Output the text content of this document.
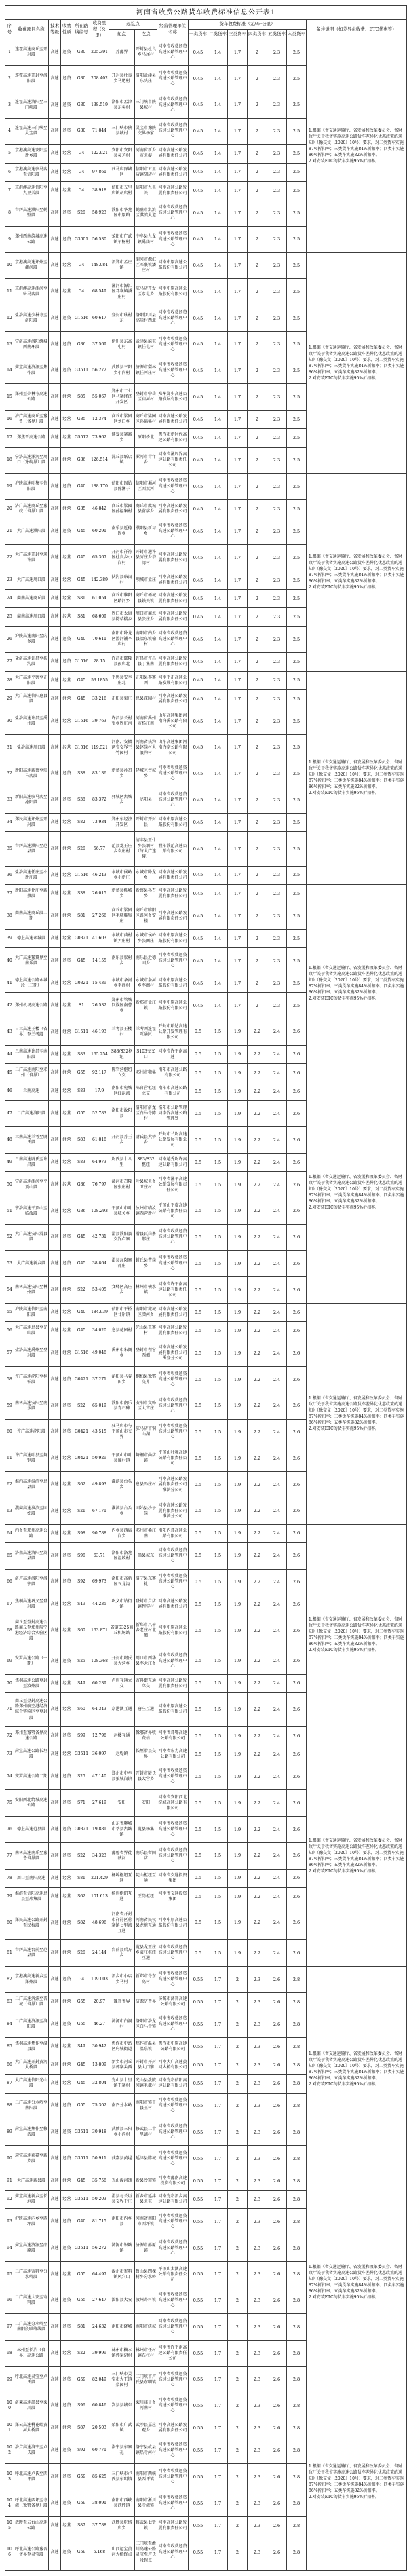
河南省收费公路货车收费标准信息公开表1															
序号	收费项目名称	技术等级	收费性质	所在路线编号	收费里程（公里）	起讫点		经营管理单位名称	货车收费标准（元/车·公里）						备注说明（如差异化收费、ETC优惠等）
						起点	讫点		一类货车	二类货车	三类货车	四类货车	五类货车	六类货车	
1	连霍高速商丘至开封段	高速	还贷	G30	205.391	苏豫界	开封县杜良乡马尾村	河南省收费还贷高速公路管理中心	0.45	1.4	1.7	2	2.3	2.5	1.根据《省交通运输厅、省发展和改革委员会、省财政厅关于我省实施高速公路货车差异化优惠政策的通知》（豫交文〔2020〕10号）要求，对二类货车实施87%折扣率；三类货车实施84%折扣率；四类车实施86%折扣率；五类车实施82%折扣率。
2.对安装ETC的货车实施95%折扣率。

2	连霍高速开封至洛阳段	高速	还贷	G30	208.402	开封县杜良乡马尾村	洛阳孟津县东头庄	河南省收费还贷高速公路管理中心	0.45	1.4	1.7	2	2.3	2.5	
3	连霍高速洛阳至三门峡段	高速	还贷	G30	138.519	洛阳市孟津县东头村	三门峡市陕县城村	河南省收费还贷高速公路管理中心	0.45	1.4	1.7	2	2.3	2.5	
4	连霍高速三门峡至灵宝段	高速	还贷	G30	71.844	三门峡市陕县城村	灵宝市豫陕交界杨家	河南省收费还贷高速公路管理中心	0.45	1.4	1.7	2	2.3	2.5	
5	京港澳高速安阳至新乡段	高速	经营	G4	122.921	安阳市安阳县灵芝村	河南省新乡市关堤	河南高速公路发展有限责任公司	0.45	1.4	1.7	2	2.3	2.5	
6	京港澳高速驻马店至信阳段	高速	经营	G4	97.861	驻马店驿城区	信阳市五里店镇胡店村	河南高速公路发展有限责任公司	0.45	1.4	1.7	2	2.3	2.5	
7	京港澳高速信阳至九里关段	高速	经营	G4	38.918	信阳市五里店镇胡店村	信阳市九里关	河南高速公路发展有限责任公司	0.45	1.4	1.7	2	2.3	2.5	
8	台辉高速濮阳至鹤壁段	高速	还贷	S26	58.923	濮阳市华龙区中原路	鹤壁市淇滨区淇滨大道	河南省收费还贷高速公路管理中心	0.45	1.4	1.7	2	2.3	2.5	
9	郑州西南绕城高速公路	高速	还贷	G3001	56.530	荥阳市广武镇军杨村	中牟县九龙镇禹庙村	河南省收费还贷高速公路管理中心	0.45	1.4	1.7	2	2.3	2.5	
10	京港澳高速郑州至漯河段	高速	经营	G4	148.084	新郑市孟庄镇	漯河市源汇区邓襄镇潘庄村	河南中原高速公路股份有限公司	0.45	1.4	1.7	2	2.3	2.5	1.根据《省交通运输厅、省发展和改革委员会、省财政厅关于我省实施高速公路货车差异化优惠政策的通知》（豫交文〔2020〕10号）要求，对二类货车实施87%折扣率；三类货车实施84%折扣率；四类车实施86%折扣率；五类车实施82%折扣率。
2.对安装ETC的货车实施95%折扣率。

11	京港澳高速漯河至驻马店段	高速	经营	G4	68.549	漯河市源汇区邓襄镇潘庄村	驻马店开发区水屯乡	河南中原高速公路股份有限公司	0.45	1.4	1.7	2	2.3	2.5	
12	盐洛高速少林寺至洛阳段	高速	还贷	G1516	60.617	登封市耿村东	洛阳伊川县高崖村西北	河南省收费还贷高速公路管理中心	0.45	1.4	1.7	2	2.3	2.5	
13	宁洛高速洛阳绕城西南环段	高速	还贷	G36	37.569	伊川县东高屯村	孟津县麻屯镇任屯村	河南省收费还贷高速公路管理中心	0.45	1.4	1.7	2	2.3	2.5	
14	菏宝高速济源至焦作段	高速	还贷	G3511	56.272	武陟县三阳乡小尚村	济源市梨林镇任河庄村	河南省收费还贷高速公路管理中心	0.45	1.4	1.7	2	2.3	2.5	
15	郑州至少林寺高速公路	高速	经营	S85	55.067	郑州市二七区马寨经济开发区	登封市中岳区庙河村	郑州郑少高速公路发展有限公司	0.45	1.4	1.7	2	2.3	2.5	
16	济广高速商丘至豫鲁（省界）段	高速	经营	G35	12.374	商丘市梁园区刘口乡	商丘市梁园区孙福集村	河南高速公路发展有限责任公司	0.45	1.4	1.7	2	2.3	2.5	
17	郑焦晋高速公路	高速	经营	G5512	73.962	博爱县寨豁乡	原阳桥北	焦作市新时代高速公路有限公司	0.45	1.4	1.7	2	2.3	2.5	
18	宁洛高速漯河至周口（豫皖界）段	高速	经营	G36	126.514	沈丘县纸店镇	漯河市青年乡	河南省漯周界高速公路有限责任公司	0.45	1.4	1.7	2	2.3	2.5	
19	沪陕高速叶集至信阳段	高速	还贷	G40	188.170	信阳市固始县陈淋子	信阳市浉河区西双河	河南省收费还贷高速公路管理中心	0.45	1.4	1.7	2	2.3	2.5	1.根据《省交通运输厅、省发展和改革委员会、省财政厅关于我省实施高速公路货车差异化优惠政策的通知》（豫交文〔2020〕10号）要求，对二类货车实施87%折扣率；三类货车实施84%折扣率；四类车实施86%折扣率；五类车实施82%折扣率。
2.对安装ETC的货车实施95%折扣率。

20	济广高速商丘至豫皖（省界）段	高速	经营	G35	46.842	商丘市梁园区孙福集村	商丘市虞城县营廓乡	河南高速公路发展有限责任公司	0.45	1.4	1.7	2	2.3	2.5	
21	大广高速濮阳段	高速	还贷	G45	60.291	南乐县近德固乡	濮阳县新习乡	河南省收费还贷高速公路管理中心	0.45	1.4	1.7	2	2.3	2.5	
22	大广高速开封至通许段	高速	经营	G45	65.367	开封市祥符区杜良乡小岗村	开封市通许县厉庄乡塔湾村	河南高速公路发展有限责任公司	0.45	1.4	1.7	2	2.3	2.5	
23	大广高速周口段	高速	经营	G45	142.389	扶沟县柴岗村	项城市孟庄	河南高速公路发展有限责任公司	0.45	1.4	1.7	2	2.3	2.5	
24	商南高速商丘段	高速	经营	S81	61.054	商丘市睢阳区路河乡	商丘市柘城县铁关镇	河南高速公路发展有限责任公司	0.45	1.4	1.7	2	2.3	2.5	
25	商南高速周口段	高速	经营	S81	68.609	周口市太康县符草楼乡	周口市商水县张庄乡	河南高速公路发展有限责任公司	0.45	1.4	1.7	2	2.3	2.5	
26	沪陕高速南阳至内乡段	高速	还贷	G40	70.611	南阳市卧龙区潦河铺辛店村	南阳市内乡县湍东镇榆村	河南省收费还贷高速公路管理中心	0.45	1.4	1.7	2	2.3	2.5	
27	盐洛高速许昌至扶沟段	高速	还贷	G1516	28.15	许昌市鄢陵县彭店北	许昌市许昌县丁集南	河南高速公路发展有限责任公司	0.45	1.4	1.7	2	2.3	2.5	
28	大广高速平舆至正阳段	高速	经营	G45	53.1855	平舆县安李庄北	正阳县李寨西	河南平正高速公路发展有限公司	0.45	1.4	1.7	2	2.3	2.5	1.根据《省交通运输厅、省发展和改革委员会、省财政厅关于我省实施高速公路货车差异化优惠政策的通知》（豫交文〔2020〕10号）要求，对二类货车实施87%折扣率；三类货车实施84%折扣率；四类车实施86%折扣率；五类车实施82%折扣率。
2.对安装ETC的货车实施95%折扣率。

29	大广高速信阳息县段	高速	经营	G45	33.216	正阳县梁庄	息县花园村	河南高速公路发展有限责任公司	0.45	1.4	1.7	2	2.3	2.5	
30	盐洛高速许昌至禹州段	高速	经营	G1516	39.763	许昌县长村张乡周庄南	河南省禹州市杨庄南	山东高速集团河南许禹公路有限公司	0.45	1.4	1.7	2	2.3	2.5	
31	盐洛高速周口段	高速	经营	G1516	119.521	河南、安徽两省交界王竹园村	河南省扶沟县赵岗村大浪沟村	山东高速集团河南许亳公路有限公司	0.45	1.4	1.7	2	2.3	2.5	
32	新阳高速新蔡至驻马店段	高速	还贷	S38	83.136	新蔡县孙召乡	驿城区古城乡	河南省收费还贷高速公路管理中心	0.45	1.4	1.7	2	2.3	2.5	
33	新阳高速驻马店至泌阳段	高速	还贷	S38	83.372	驿城区古城乡	泌阳县	河南省收费还贷高速公路管理中心	0.45	1.4	1.7	2	2.3	2.5	
34	郑民高速郑州至开封段	高速	经营	S82	73.934	郑州东经济开发区	开封市开封县	河南中原高速公路股份有限公司	0.45	1.4	1.7	2	2.3	2.5	
35	台辉高速濮阳至范县段	高速	经营	S26	56.77	范县龙王庄乡袁庄村	清丰县王什乡张堌村（与大广连接）	濮阳濮范高速公路有限公司	0.45	1.4	1.7	2	2.3	2.5	
36	盐洛高速任庄至小新庄段	高速	经营	G1516	46.243	永城市侯岭乡小新庄	永城市卧龙乡	河南高速公路发展有限责任公司	0.45	1.4	1.7	2	2.3	2.5	
37	新阳高速化庄至新蔡段	高速	经营	S38	26.015	新蔡县栎城乡	新蔡县孙召乡	河南高速公路发展有限责任公司	0.45	1.4	1.7	2	2.3	2.5	1.根据《省交通运输厅、省发展和改革委员会、省财政厅关于我省实施高速公路货车差异化优惠政策的通知》（豫交文〔2020〕10号）要求，对二类货车实施87%折扣率；三类货车实施84%折扣率；四类车实施86%折扣率；五类车实施82%折扣率。
2.对安装ETC的货车实施95%折扣率。

38	商南高速商丘段二期	高速	经营	S81	27.266	商丘市梁园区毛堌堆集庄	商丘市睢阳区路河乡安楼	河南高速公路发展有限责任公司	0.45	1.4	1.7	2	2.3	2.5	
39	德上高速永城段	高速	经营	G0321	41.603	永城市茴村镇尹庄村	永城市侯岭乡张阁庄	河南中原高速公路股份有限公司	0.45	1.4	1.7	2	2.3	2.5	
40	大广高速豫冀界至南乐段	高速	还贷	G45	14.155	南乐县梁村乡	南乐县近德固乡	河南省收费还贷高速公路管理中心	0.45	1.4	1.7	2	2.3	2.5	
41	德上高速公路永城段（二期）	高速	经营	G0321	15.439	永城市条河乡李阁村	永城市条河乡李阁村	河南中原高速公路股份有限公司	0.45	1.4	1.7	2	2.3	2.5	
42	郑州机场高速公路	高速	经营	S1	26.532	郑州市管城回族区南曹乡	新郑市孟庄镇	河南中原高速公路股份有限公司	0.45	1.4	1.7	2	2.3	2.5	
43	日兰高速王楼（省界）至兰考段	高速	经营	G1511	46.193	兰考县王楼村	兰考西连霍互通区	开封市路达高速公路开发管理有限公司	0.5	1.5	1.9	2.2	2.4	2.6	
44	兰南高速许昌至南阳段	高速	经营	S83	165.254	S83/S32枢纽	S103交叉口	河南省许平南高速	0.5	1.5	1.9	2.2	2.4	2.6	
45	二广高速南阳至邓州（省界）	高速	经营	G55	92.117	陈官营枢纽立交	邓州市魏集	南阳市高速公路有限公司	0.5	1.5	1.9	2.2	2.4	2.6	
46	兰南高速	高速	经营	S83	17.9	南阳市宛城区红泥湾	陈官营枢纽立交	南阳市高速公路有限公司	0.5	1.5	1.9	2.2	2.4	2.6	1.根据《省交通运输厅、省发展和改革委员会、省财政厅关于我省实施高速公路货车差异化优惠政策的通知》（豫交文〔2020〕10号）要求，对二类货车实施87%折扣率；三类货车实施84%折扣率；四类车实施86%折扣率；五类车实施82%折扣率。
2.对安装ETC的货车实施95%折扣率。

47	二广高速洛阳段	高速	经营	G55	52.783	洛阳市汝阳县	洛阳市洛龙区白马寺陈村	洛阳市公路管理局洛界高速公路管理处	0.5	1.5	1.9	2.2	2.4	2.6	
48	兰南高速兰考至尉氏段	高速	经营	S83	61.818	开封县苏王乡	尉氏县大桥乡	开封市兰尉高速公路发展有限公司	0.5	1.5	1.9	2.2	2.4	2.6	
49	兰南高速尉氏至许昌段	高速	经营	S83	64.973	尉氏县十八里	S83/S32枢纽	河南越秀尉许高速公路有限公司	0.5	1.5	1.9	2.2	2.4	2.6	
50	宁洛高速漯河至平顶山段	高速	经营	G36	76.797	漯河市召陵区张庄村	叶县城关乡卫庄村	河南省漯平高速公路发展有限责任公司	0.5	1.5	1.9	2.2	2.4	2.6	
51	宁洛高速平顶山至临汝段	高速	经营	G36	108.293	平顶山市叶县城关乡	汝州市临汝镇西营新村	平顶山平临高速公路有限责任公司	0.5	1.5	1.9	2.2	2.4	2.6	
52	大广高速安阳滑县段	高速	还贷	G45	42.731	滑县濮阳县交界卢寨	滑县瓦岗寨郝庄	河南省收费还贷高速公路管理中心	0.5	1.5	1.9	2.2	2.4	2.6	
53	大广高速新乡段	高速	还贷	G45	38.864	滑县瓦岗寨郝庄	封丘县曹岗乡	河南省收费还贷高速公路管理中心	0.5	1.5	1.9	2.2	2.4	2.6	
54	南林高速安阳至林州段	高速	经营	S22	53.405	文峰区高庄乡	林州市横水镇	河南省许平南高速公路有限责任公司	0.5	1.5	1.9	2.2	2.4	2.6	
55	沪陕高速信阳至南阳段	高速	经营	G40	184.939	信阳市平桥区甘岸镇	南阳市宛城区溧河乡	河南高速公路发展有限责任公司	0.5	1.5	1.9	2.2	2.4	2.6	1.根据《省交通运输厅、省发展和改革委员会、省财政厅关于我省实施高速公路货车差异化优惠政策的通知》（豫交文〔2020〕10号）要求，对二类货车实施87%折扣率；三类货车实施84%折扣率；四类车实施86%折扣率；五类车实施82%折扣率。
2.对安装ETC的货车实施95%折扣率。

56	大广高速息县至光山段	高速	经营	G45	34.020	息县花园村	光山县王寨村	河南高速公路发展有限责任公司	0.5	1.5	1.9	2.2	2.4	2.6	
57	盐洛高速禹州至登封段	高速	经营	G1516	49.048	禹州市朱阁乡	登封市程窑西侧	河南高速公路发展有限责任公司禹登分公司	0.5	1.5	1.9	2.2	2.4	2.6	
58	许广高速泌阳至桐柏段	高速	还贷	G0421	37.271	泌阳县马谷田乡	桐柏县豫鄂交界	河南省收费还贷高速公路管理中心	0.5	1.5	1.9	2.2	2.4	2.6	
59	南林高速安阳至南乐段	高速	还贷	S22	65.019	濮阳市南乐县青石碑	安阳市文峰区大官庄	河南省收费还贷高速公路管理中心	0.5	1.5	1.9	2.2	2.4	2.6	
60	许广高速泌阳段	高速	还贷	G0421	43.515	驻马店市与平顶山市交界	驻马店市铜山湖	河南省收费还贷高速公路管理中心	0.5	1.5	1.9	2.2	2.4	2.6	
61	许广高速叶县至舞钢段	高速	经营	G0421	50.929	平顶山市叶县廉村镇	舞钢市尚店镇	平顶山叶舞高速公路有限责任公司	0.5	1.5	1.9	2.2	2.4	2.6	
62	淮内高速淮滨至息县段	高速	经营	S62	49.893	淮滨县台头乡	息县冯庄村	河南高速公路发展有限责任公司淮滨分公司	0.5	1.5	1.9	2.2	2.4	2.6	
63	濮商高速淮滨至固始段	高速	经营	S21	67.171	淮滨县台头乡	固始县沙子岗	河南高速公路发展有限责任公司淮滨分公司	0.5	1.5	1.9	2.2	2.4	2.6	
64	内乡至邓州高速公路	高速	经营	S98	90.788	内乡县西庙岗乡	邓州市桑庄南	南阳内邓高速公路有限公司	0.5	1.5	1.9	2.2	2.4	2.6	1.根据《省交通运输厅、省发展和改革委员会、省财政厅关于我省实施高速公路货车差异化优惠政策的通知》（豫交文〔2020〕10号）要求，对二类货车实施87%折扣率；三类货车实施84%折扣率；四类车实施86%折扣率；五类车实施82%折扣率。
2.对安装ETC的货车实施95%折扣率。

65	洛栾高速洛阳至嵩县段	高速	还贷	S96	63.71	洛阳市洛龙区溢坡村	嵩县城东	河南省收费还贷高速公路管理中心	0.5	1.5	1.9	2.2	2.4	2.6	
66	洛卢高速洛阳至洛宁段	高速	还贷	S92	69.973	洛阳市高新区五龙沟	洛宁县东寨礼	河南省收费还贷高速公路管理中心	0.5	1.5	1.9	2.2	2.4	2.6	
67	焦桐高速巩义至登封段	高速	经营	S49	44.235	巩义市站街镇	登封市卢店镇程窑村	河南高速公路发展有限责任公司	0.5	1.5	1.9	2.2	2.4	2.6	
68	商丘至登封高速公路商丘至郑州航空港经济综合实验区段	高速	经营	S60	163.871	省道S325商丘机场站	新郑市八千乡老庄村北侧	河南中原高速公路股份有限公司	0.5	1.5	1.9	2.2	2.4	2.6	
69	安罗高速公路（一期）	高速	还贷	S25	108.368	开封市尉氏县大营乡	周口市西华县李大庄乡	河南省收费还贷高速公路管理中心	0.5	1.5	1.9	2.2	2.4	2.6	
70	焦桐高速公路登封至汝州段	高速	经营	S49	60.239	卢店互通立交	寄料街互通立交	河南高速公路发展有限责任公司	0.5	1.5	1.9	2.2	2.4	2.6	
71	商丘至登封高速公路郑州航空港经济综合实验区至登封段	高速	经营	S60	64.343	京港澳互通	唐庄互通	河南中原高速公路股份有限公司	0.5	1.5	1.9	2.2	2.4	2.6	
72	邓州至豫鄂省界高速公路	高速	还贷	S99	12.798	赵楼互通	豫鄂省界收费站	河南省邓鄂高速公路有限公司	0.5	1.5	1.9	2.2	2.4	2.6	
73	菏宝高速公路长垣段	高速	经营	G3511	36.097	赵堤镇	长垣滑县交界	河南省宏力高速公路有限公司	0.5	1.5	1.9	2.2	2.4	2.6	1.根据《省交通运输厅、省发展和改革委员会、省财政厅关于我省实施高速公路货车差异化优惠政策的通知》（豫交文〔2020〕10号）要求，对二类货车实施87%折扣率；三类货车实施84%折扣率；四类车实施86%折扣率；五类车实施82%折扣率。
2.对安装ETC的货车实施95%折扣率。

74	安罗高速公路二期	高速	还贷	S25	47.140	郑州市中牟县狼城岗镇	开封市尉氏县大营乡	河南省收费还贷高速公路管理中心	0.5	1.5	1.9	2.2	2.4	2.6	
75	安阳西北绕城高速公路	高速	还贷	S71	27.619	安阳	安阳	河南省安阳西北绕城高速公路有限公司	0.5	1.5	1.9	2.2	2.4	2.6	
76	德上高速范县段	高速	还贷	G0321	19.881	山东省聊城市莘县古城镇	范县杨集	河南省收费还贷高速公路管理中心	0.5	1.5	1.9	2.2	2.4	2.6	
77	南林高速南乐至豫鲁省界段	高速	还贷	S22	34.323	豫鲁省界徒骇河	南乐县留固店	河南省收费还贷高速公路管理中心	0.5	1.5	1.9	2.2	2.4	2.6	
78	周口至南阳高速	高速	经营	S81	201.429	杨埠枢纽互通	陡山枢纽互通	河南省交通投资集团	0.5	1.5	1.9	2.2	2.4	2.6	
79	淮滨至信阳高速息县至邢集段	高速	经营	S62	101.613	杨店枢纽互通	王岗枢纽	河南省交通投资集团	0.5	1.5	1.9	2.2	2.4	2.6	
80	郑民高速公路开封至民权段	高速	经营	S82	48.696	河南省开封市祥符区蒋寨镇七里湾互通	河南省民权县龙塘互通	河南中原高速公路股份有限公司	0.5	1.5	1.9	2.2	2.4	2.6	
81	台辉高速台前至范县段	高速	经营	S26	24.144	台前县后方乡	范县龙王庄乡袁庄枢纽互通	河南省收费还贷高速公路管理中心	0.5	1.5	1.9	2.2	2.4	2.6	
82	京港澳高速新乡至郑州段	高速	还贷	G4	109.003	新乡市小店乡马村	新郑市寺东高村	河南省收费还贷高速公路管理中心	0.55	1.7	2	2.3	2.6	2.8	1.根据《省交通运输厅、省发展和改革委员会、省财政厅关于我省实施高速公路货车差异化优惠政策的通知》（豫交文〔2020〕10号）要求，对二类货车实施87%折扣率；三类货车实施84%折扣率；四类车实施86%折扣率；五类车实施82%折扣率。
2.对安装ETC的货车实施95%折扣率。

83	二广高速济源至晋城（省界）段	高速	经营	G55	20.97	豫晋省界	济源济晋界	济源市济晋高速公路有限公司	0.55	1.7	2	2.3	2.6	2.8	
84	二广高速济源至洛阳段	高速	还贷	G55	46.27	济源市白涧村	洛阳市洛龙区白马寺镇	河南省收费还贷高速公路管理中心	0.55	1.7	2	2.3	2.6	2.8	
85	焦桐高速焦作至温县段	高速	经营	S49	30.942	焦作市中站区府城街道	焦作市温县温泉镇	焦作市中原高速公路有限公司	0.55	1.7	2	2.3	2.6	2.8	
86	大广高速开封黄河大桥段	高速	经营	G45	13.809	新乡市封丘县郭寨头西	开封市开封县大门寨	河南大广高速黄河大桥有限公司	0.55	1.7	2	2.3	2.6	2.8	
87	大广高速信阳光山段	高速	经营	G45	32.804	光山县十里镇王寨村	光山县泼陂河镇毛堰村	河南光彩信阳高速公路有限公司	0.55	1.7	2	2.3	2.6	2.8	
88	二广高速分水岭至南阳段	高速	还贷	G55	75.302	南召分水岭	南阳市镇平县王村	河南省收费还贷高速公路管理中心	0.55	1.7	2	2.3	2.6	2.8	
89	菏宝高速焦作至修武段	高速	还贷	G3511	30.918	武陟县三阳乡小尚村	修武县二十里铺村	河南省收费还贷高速公路管理中心	0.55	1.7	2	2.3	2.6	2.8	
90	菏宝高速获嘉至新乡段	高速	还贷	G3511	50.911	获嘉县黄堤	延津县胙城	河南省收费还贷高速公路管理中心	0.55	1.7	2	2.3	2.6	2.8	
91	大广高速新县段	高速	经营	G45	35.758	光山泼河铺	新县沙窝镇	河南省豫南高速投资有限公司	0.55	1.7	2	2.3	2.6	2.8	1.根据《省交通运输厅、省发展和改革委员会、省财政厅关于我省实施高速公路货车差异化优惠政策的通知》（豫交文〔2020〕10号）要求，对二类货车实施87%折扣率；三类货车实施84%折扣率；四类车实施86%折扣率；五类车实施82%折扣率。
2.对安装ETC的货车实施95%折扣率。

92	菏宝高速新乡至长垣段	高速	经营	G3511	50.203	滑县与长垣县交界于庄	新乡市延津县关屯	河南光彩新乡高速公路有限公司	0.55	1.7	2	2.3	2.6	2.8	
93	沪陕高速内乡至西坪段	高速	还贷	G40	81.715	南阳市内乡县	河南省南阳市西坪镇	河南省收费还贷高速公路管理中心	0.55	1.7	2	2.3	2.6	2.8	
94	菏宝高速济源至邵原段	高速	还贷	G3511	56.272	济源市轵城镇	济源市邵原镇	河南省收费还贷高速公路管理中心	0.55	1.7	2	2.3	2.6	2.8	
95	二广高速寄料至分水岭段	高速	经营	G55	64.497	汝州市寄料镇风穴山	鲁山县四棵树乡分水岭	平顶山太澳高速公路有限责任公司	0.55	1.7	2	2.3	2.6	2.8	
96	二广高速大安至寄料段	高速	还贷	G55	27.647	汝阳县大安	汝州寄料镇	河南省收费还贷高速公路管理中心	0.55	1.7	2	2.3	2.6	2.8	
97	二广高速分水岭至南阳段联络线段	高速	还贷	S81	24.632	南阳市绕城	南阳市绕城	河南省收费还贷高速公路管理中心	0.55	1.7	2	2.3	2.6	2.8	
98	林州至长治（省界）高速公路	高速	经营	S22	39.999	林州市横水镇郭家窑村	林州市任村镇石柱村	河南省许平南高速公路有限责任公司	0.55	1.7	2	2.3	2.6	2.8	
99	呼北高速灵宝至卢氏段	高速	还贷	G59	82.049	三门峡市灵宝市大王镇梨园村	三门峡市卢氏县东明镇	河南省收费还贷高速公路管理中心	0.55	1.7	2	2.3	2.6	2.8	
100	洛栾高速嵩县至栾川段	高速	还贷	S96	60.846	嵩县县城东	栾川庙子乡河南村	河南省收费还贷高速公路管理中心	0.55	1.7	2	2.3	2.6	2.8	1.根据《省交通运输厅、省发展和改革委员会、省财政厅关于我省实施高速公路货车差异化优惠政策的通知》（豫交文〔2020〕10号）要求，对二类货车实施87%折扣率；三类货车实施84%折扣率；四类车实施86%折扣率；五类车实施82%折扣率。
2.对安装ETC的货车实施95%折扣率。

101	郑云高速桃花峪黄河大桥段	高速	经营	S87	20.503	荥阳市广武镇	武陟县嘉应观乡	河南高速公路发展有限责任公司	0.55	1.7	2	2.3	2.6	2.8	
102	洛卢高速洛宁至卢氏段	高速	还贷	S92	60.771	洛宁县东寨礼	洛宁县故县镇热寺河村	河南省收费还贷高速公路管理中心	0.55	1.7	2	2.3	2.6	2.8	
103	呼北高速卢氏至西坪段	高速	还贷	G59	85.625	三门峡市卢氏县东明镇	南阳市西峡县西坪镇	河南省收费还贷高速公路管理中心	0.55	1.7	2	2.3	2.6	2.8	
104	呼北高速西坪至寺湾（豫鄂省界）段	高速	还贷	G59	38.091	南阳市西峡县西坪镇	南阳市淅川县寺湾镇	河南省收费还贷高速公路管理中心	0.55	1.7	2	2.3	2.6	2.8	
105	武陟至云台山高速公路	高速	经营	S87	37.788	武陟县圪垱店乡	修武县七贤镇	河南高速公路发展有限责任公司	0.55	1.7	2	2.3	2.6	2.8	
106	呼北高速公路豫晋省界至灵宝段	高速	还贷	G59	5.168	山西运宝黄河大桥终点	三门峡至淅川高速公路灵宝至卢氏段起点	河南省收费还贷高速公路管理中心	0.55	1.7	2	2.3	2.6	2.8	
